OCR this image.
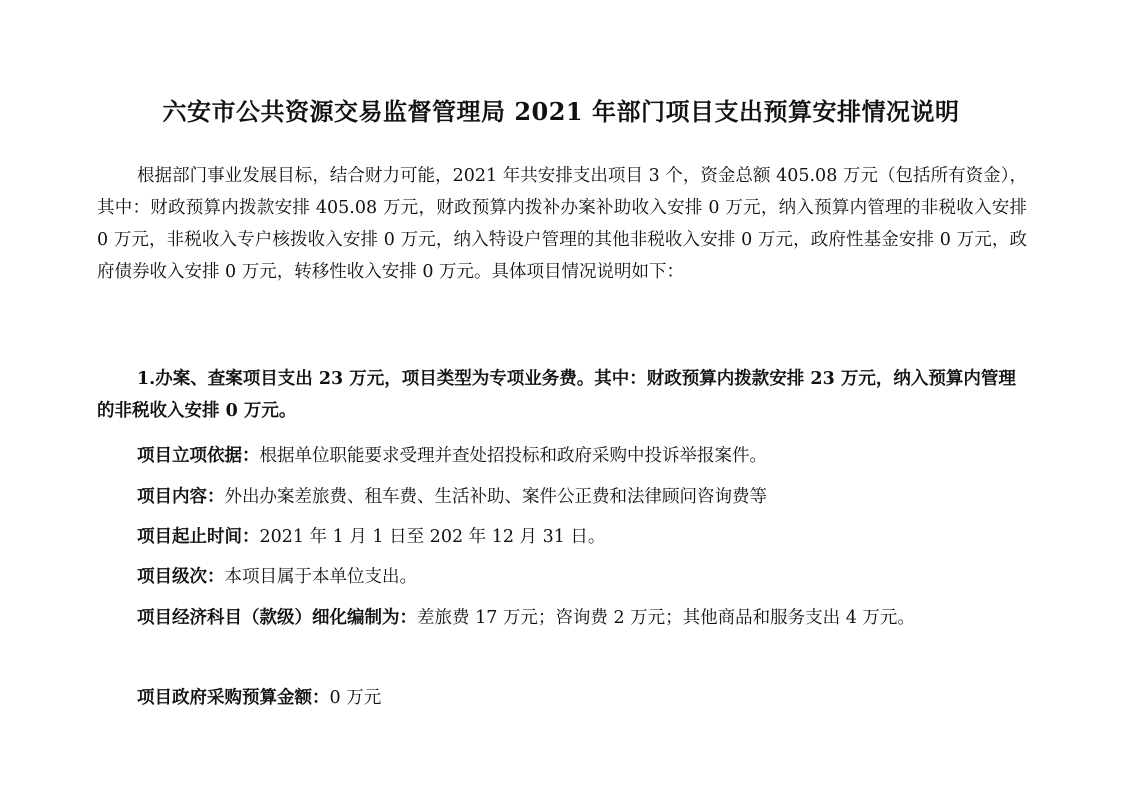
六安市公共资源交易监督管理局 2021 年部门项目支出预算安排情况说明
根据部门事业发展目标，结合财力可能，2021 年共安排支出项目 3 个，资金总额 405.08 万元（包括所有资金），其中：财政预算内拨款安排 405.08 万元，财政预算内拨补办案补助收入安排 0 万元，纳入预算内管理的非税收入安排 0 万元，非税收入专户核拨收入安排 0 万元，纳入特设户管理的其他非税收入安排 0 万元，政府性基金安排 0 万元，政府债券收入安排 0 万元，转移性收入安排 0 万元。具体项目情况说明如下：
1.办案、查案项目支出 23 万元，项目类型为专项业务费。其中：财政预算内拨款安排 23 万元，纳入预算内管理的非税收入安排 0 万元。
项目立项依据：根据单位职能要求受理并查处招投标和政府采购中投诉举报案件。
项目内容：外出办案差旅费、租车费、生活补助、案件公正费和法律顾问咨询费等
项目起止时间：2021 年 1 月 1 日至 202 年 12 月 31 日。
项目级次：本项目属于本单位支出。
项目经济科目（款级）细化编制为：差旅费 17 万元；咨询费 2 万元；其他商品和服务支出 4 万元。
项目政府采购预算金额：0 万元
